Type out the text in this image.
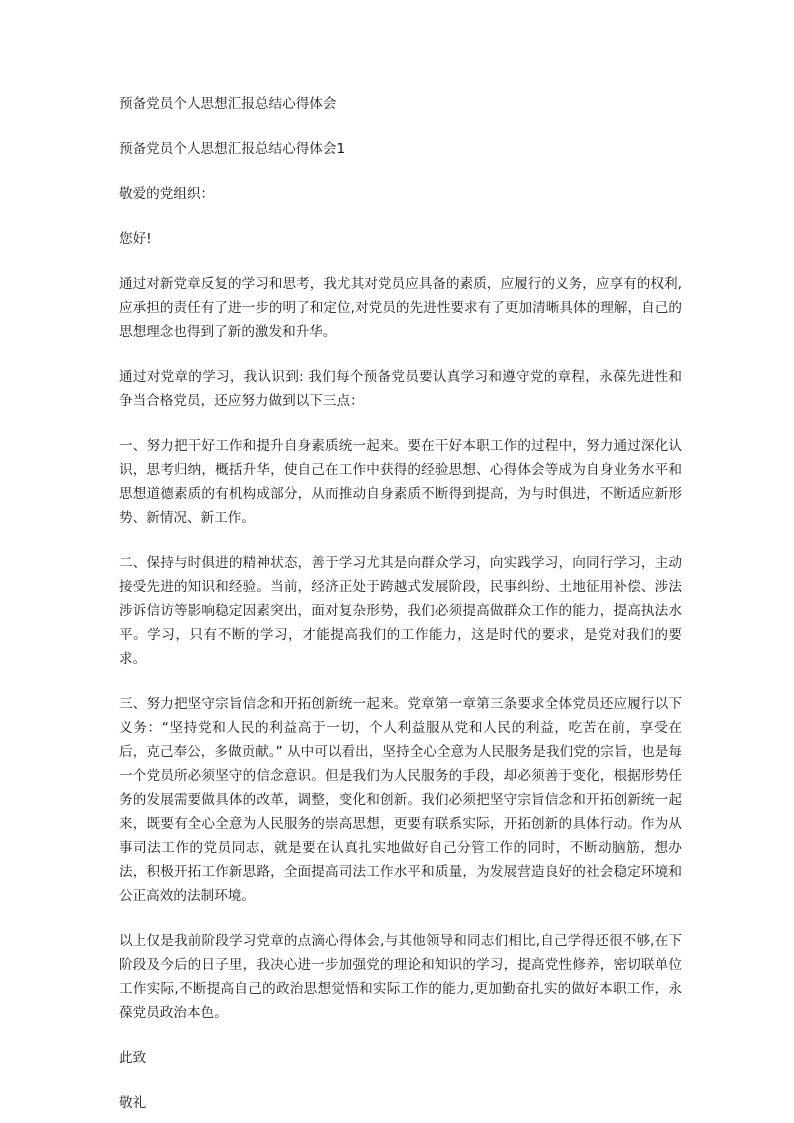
预备党员个人思想汇报总结心得体会

预备党员个人思想汇报总结心得体会1

敬爱的党组织：

您好!

通过对新党章反复的学习和思考，我尤其对党员应具备的素质，应履行的义务，应享有的权利,应承担的责任有了进一步的明了和定位,对党员的先进性要求有了更加清晰具体的理解，自己的思想理念也得到了新的激发和升华。

通过对党章的学习，我认识到: 我们每个预备党员要认真学习和遵守党的章程，永葆先进性和争当合格党员，还应努力做到以下三点：

一、努力把干好工作和提升自身素质统一起来。要在干好本职工作的过程中，努力通过深化认识，思考归纳，概括升华，使自己在工作中获得的经验思想、心得体会等成为自身业务水平和思想道德素质的有机构成部分，从而推动自身素质不断得到提高，为与时俱进，不断适应新形势、新情况、新工作。

二、保持与时俱进的精神状态，善于学习尤其是向群众学习，向实践学习，向同行学习，主动接受先进的知识和经验。当前，经济正处于跨越式发展阶段，民事纠纷、土地征用补偿、涉法涉诉信访等影响稳定因素突出，面对复杂形势，我们必须提高做群众工作的能力，提高执法水平。学习，只有不断的学习，才能提高我们的工作能力，这是时代的要求，是党对我们的要求。

三、努力把坚守宗旨信念和开拓创新统一起来。党章第一章第三条要求全体党员还应履行以下义务：“坚持党和人民的利益高于一切，个人利益服从党和人民的利益，吃苦在前，享受在后，克己奉公，多做贡献。” 从中可以看出，坚持全心全意为人民服务是我们党的宗旨，也是每一个党员所必须坚守的信念意识。但是我们为人民服务的手段，却必须善于变化，根据形势任务的发展需要做具体的改革，调整，变化和创新。我们必须把坚守宗旨信念和开拓创新统一起来，既要有全心全意为人民服务的崇高思想，更要有联系实际，开拓创新的具体行动。作为从事司法工作的党员同志，就是要在认真扎实地做好自己分管工作的同时，不断动脑筋，想办法，积极开拓工作新思路，全面提高司法工作水平和质量，为发展营造良好的社会稳定环境和公正高效的法制环境。

以上仅是我前阶段学习党章的点滴心得体会,与其他领导和同志们相比,自己学得还很不够,在下阶段及今后的日子里，我决心进一步加强党的理论和知识的学习，提高党性修养，密切联单位工作实际,不断提高自己的政治思想觉悟和实际工作的能力,更加勤奋扎实的做好本职工作，永葆党员政治本色。

此致

敬礼
